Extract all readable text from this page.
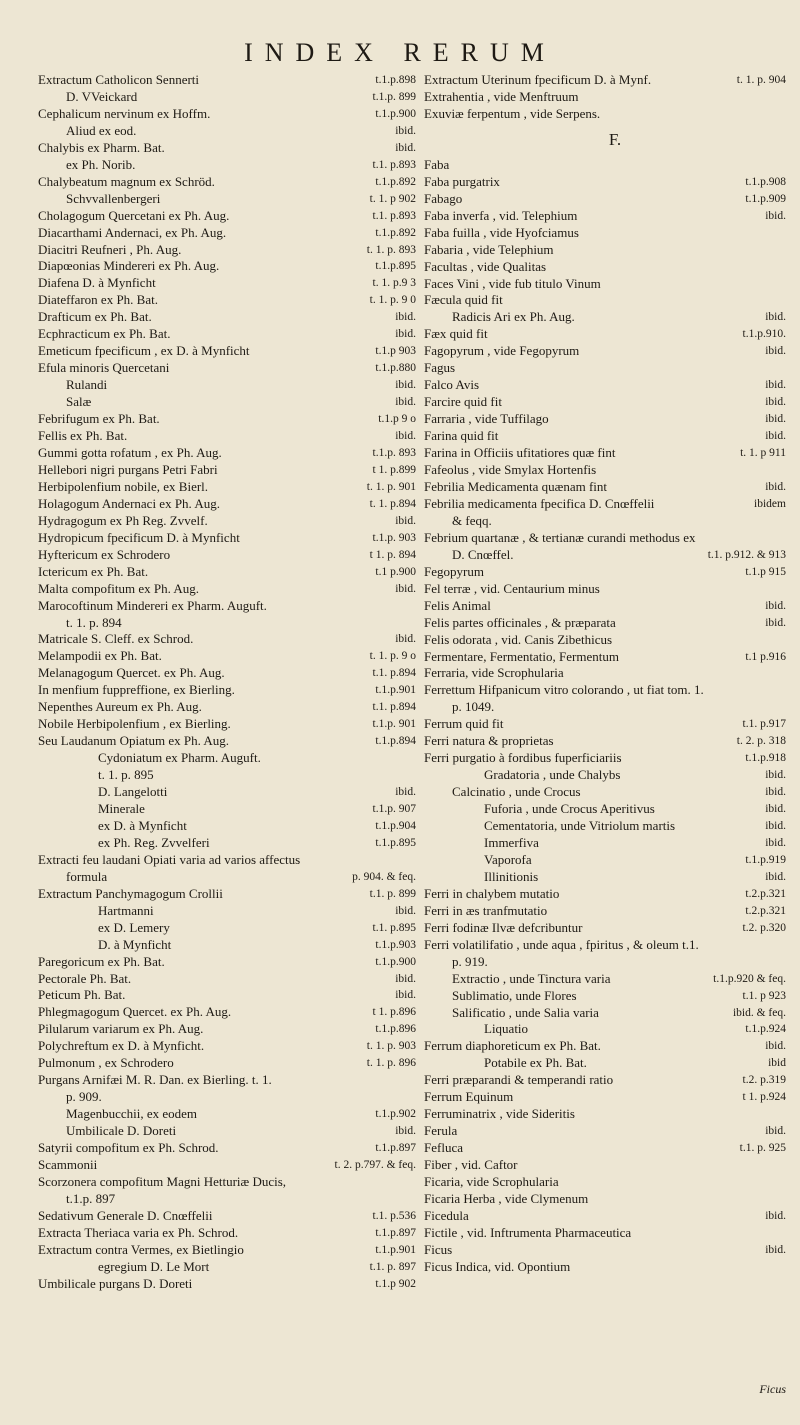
INDEX RERUM
Extractum Catholicon Sennerti	t.1.p.898
D. VVeickard	t.1.p. 899
Cephalicum nervinum ex Hoffm.	t.1.p.900
Aliud ex eod.	ibid.
Chalybis ex Pharm. Bat.	ibid.
ex Ph. Norib.	t.1. p.893
Chalybeatum magnum ex Schröd.	t.1.p.892
Schvvallenbergeri	t. 1. p 902
Cholagogum Quercetani ex Ph. Aug.	t.1. p.893
Diacarthami Andernaci, ex Ph. Aug.	t.1.p.892
Diacitri Reufneri , Ph. Aug.	t. 1. p. 893
Diapœonias Mindereri ex Ph. Aug.	t.1.p.895
Diafena D. à Mynficht	t. 1. p.9 3
Diateffaron ex Ph. Bat.	t. 1. p. 9 0
Drafticum ex Ph. Bat.	ibid.
Ecphracticum ex Ph. Bat.	ibid.
Emeticum fpecificum , ex D. à Mynficht	t.1.p 903
Efula minoris Quercetani	t.1.p.880
Rulandi	ibid.
Salæ	ibid.
Febrifugum ex Ph. Bat.	t.1.p 9 o
Fellis ex Ph. Bat.	ibid.
Gummi gotta rofatum , ex Ph. Aug.	t.1.p. 893
Hellebori nigri purgans Petri Fabri	t 1. p.899
Herbipolenfium nobile, ex Bierl.	t. 1. p. 901
Holagogum Andernaci ex Ph. Aug.	t. 1. p.894
Hydragogum ex Ph Reg. Zvvelf.	ibid.
Hydropicum fpecificum D. à Mynficht	t.1.p. 903
Hyftericum ex Schrodero	t 1. p. 894
Ictericum ex Ph. Bat.	t.1 p.900
Malta compofitum ex Ph. Aug.	ibid.
Marocoftinum Mindereri ex Pharm. Auguft.
t. 1. p. 894
Matricale S. Cleff. ex Schrod.	ibid.
Melampodii ex Ph. Bat.	t. 1. p. 9 o
Melanagogum Quercet. ex Ph. Aug.	t.1. p.894
In menfium fuppreffione, ex Bierling.	t.1.p.901
Nepenthes Aureum ex Ph. Aug.	t.1. p.894
Nobile Herbipolenfium , ex Bierling.	t.1.p. 901
Seu Laudanum Opiatum ex Ph. Aug.	t.1.p.894
Cydoniatum ex Pharm. Auguft.
t. 1. p. 895
D. Langelotti	ibid.
Minerale	t.1.p. 907
ex D. à Mynficht	t.1.p.904
ex Ph. Reg. Zvvelferi	t.1.p.895
Extracti feu laudani Opiati varia ad varios affectus
formula	p. 904. & feq.
Extractum Panchymagogum Crollii	t.1. p. 899
Hartmanni	ibid.
ex D. Lemery	t.1. p.895
D. à Mynficht	t.1.p.903
Paregoricum ex Ph. Bat.	t.1.p.900
Pectorale Ph. Bat.	ibid.
Peticum Ph. Bat.	ibid.
Phlegmagogum Quercet. ex Ph. Aug.	t 1. p.896
Pilularum variarum ex Ph. Aug.	t.1.p.896
Polychreftum ex D. à Mynficht.	t. 1. p. 903
Pulmonum , ex Schrodero	t. 1. p. 896
Purgans Arnifæi M. R. Dan. ex Bierling. t. 1.
p. 909.
Magenbucchii, ex eodem	t.1.p.902
Umbilicale D. Doreti	ibid.
Satyrii compofitum ex Ph. Schrod.	t.1.p.897
Scammonii	t. 2. p.797. & feq.
Scorzonera compofitum Magni Hetturiæ Ducis,
t.1.p. 897
Sedativum Generale D. Cnœffelii	t.1. p.536
Extracta Theriaca varia ex Ph. Schrod.	t.1.p.897
Extractum contra Vermes, ex Bietlingio	t.1.p.901
egregium D. Le Mort	t.1. p. 897
Umbilicale purgans D. Doreti	t.1.p 902
Extractum Uterinum fpecificum D. à Mynf.	t. 1. p. 904
Extrahentia , vide Menftruum
Exuviæ ferpentum , vide Serpens.
F.
Faba
Faba purgatrix	t.1.p.908
Fabago	t.1.p.909
Faba inverfa , vid. Telephium	ibid.
Faba fuilla , vide Hyofciamus
Fabaria , vide Telephium
Facultas , vide Qualitas
Faces Vini , vide fub titulo Vinum
Fæcula quid fit
Radicis Ari ex Ph. Aug.	ibid.
Fæx quid fit	t.1.p.910.
Fagopyrum , vide Fegopyrum	ibid.
Fagus
Falco Avis	ibid.
Farcire quid fit	ibid.
Farraria , vide Tuffilago	ibid.
Farina quid fit	ibid.
Farina in Officiis ufitatiores quæ fint	t. 1. p 911
Fafeolus , vide Smylax Hortenfis
Febrilia Medicamenta quænam fint	ibid.
Febrilia medicamenta fpecifica D. Cnœffelii	ibidem
& feqq.
Febrium quartanæ , & tertianæ curandi methodus ex
D. Cnœffel.	t.1. p.912. & 913
Fegopyrum	t.1.p 915
Fel terræ , vid. Centaurium minus
Felis Animal	ibid.
Felis partes officinales , & præparata	ibid.
Felis odorata , vid. Canis Zibethicus
Fermentare, Fermentatio, Fermentum	t.1 p.916
Ferraria, vide Scrophularia
Ferrettum Hifpanicum vitro colorando , ut fiat tom. 1.
p. 1049.
Ferrum quid fit	t.1. p.917
Ferri natura & proprietas	t. 2. p. 318
Ferri purgatio à fordibus fuperficiariis	t.1.p.918
Gradatoria , unde Chalybs	ibid.
Calcinatio , unde Crocus	ibid.
Fuforia , unde Crocus Aperitivus	ibid.
Cementatoria, unde Vitriolum martis	ibid.
Immerfiva	ibid.
Vaporofa	t.1.p.919
Illinitionis	ibid.
Ferri in chalybem mutatio	t.2.p.321
Ferri in æs tranfmutatio	t.2.p.321
Ferri fodinæ Ilvæ defcribuntur	t.2. p.320
Ferri volatilifatio , unde aqua , fpiritus , & oleum t.1.
p. 919.
Extractio , unde Tinctura varia	t.1.p.920 & feq.
Sublimatio, unde Flores	t.1. p 923
Salificatio , unde Salia varia	ibid. & feq.
Liquatio	t.1.p.924
Ferrum diaphoreticum ex Ph. Bat.	ibid.
Potabile ex Ph. Bat.	ibid
Ferri præparandi & temperandi ratio	t.2. p.319
Ferrum Equinum	t 1. p.924
Ferruminatrix , vide Sideritis
Ferula	ibid.
Fefluca	t.1. p. 925
Fiber , vid. Caftor
Ficaria, vide Scrophularia
Ficaria Herba , vide Clymenum
Ficedula	ibid.
Fictile , vid. Inftrumenta Pharmaceutica
Ficus	ibid.
Ficus Indica, vid. Opontium
Ficus
